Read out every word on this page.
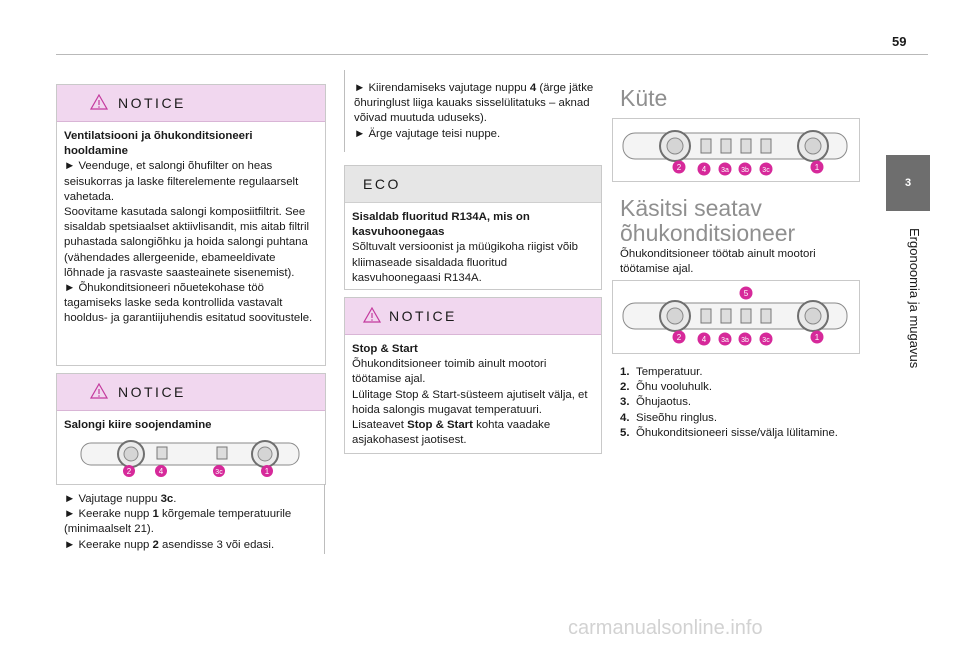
59
NOTICE
Ventilatsiooni ja õhukonditsioneeri hooldamine
► Veenduge, et salongi õhufilter on heas seisukorras ja laske filterelemente regulaarselt vahetada.
Soovitame kasutada salongi komposiitfiltrit. See sisaldab spetsiaalset aktiivlisandit, mis aitab filtril puhastada salongiõhku ja hoida salongi puhtana (vähendades allergeenide, ebameeldivate lõhnade ja rasvaste saasteainete sisenemist).
► Õhukonditsioneeri nõuetekohase töö tagamiseks laske seda kontrollida vastavalt hooldus- ja garantiijuhendis esitatud soovitustele.
NOTICE
Salongi kiire soojendamine
2	4	3c	1
► Vajutage nuppu 3c.
► Keerake nupp 1 kõrgemale temperatuurile (minimaalselt 21).
► Keerake nupp 2 asendisse 3 või edasi.
► Kiirendamiseks vajutage nuppu 4 (ärge jätke õhuringlust liiga kauaks sisselülitatuks – aknad võivad muutuda uduseks).
► Ärge vajutage teisi nuppe.
ECO
Sisaldab fluoritud R134A, mis on kasvuhoonegaas
Sõltuvalt versioonist ja müügikoha riigist võib kliimaseade sisaldada fluoritud kasvuhoonegaasi R134A.
NOTICE
Stop & Start
Õhukonditsioneer toimib ainult mootori töötamise ajal.
Lülitage Stop & Start-süsteem ajutiselt välja, et hoida salongis mugavat temperatuuri.
Lisateavet Stop & Start kohta vaadake asjakohasest jaotisest.
Küte
2	4 3a 3b 3c	1
Käsitsi seatav
õhukonditsioneer
Õhukonditsioneer töötab ainult mootori töötamise ajal.
5
2	4 3a 3b 3c	1
1. Temperatuur.
2. Õhu vooluhulk.
3. Õhujaotus.
4. Siseõhu ringlus.
5. Õhukonditsioneeri sisse/välja lülitamine.
3
Ergonoomia ja mugavus
carmanualsonline.info
